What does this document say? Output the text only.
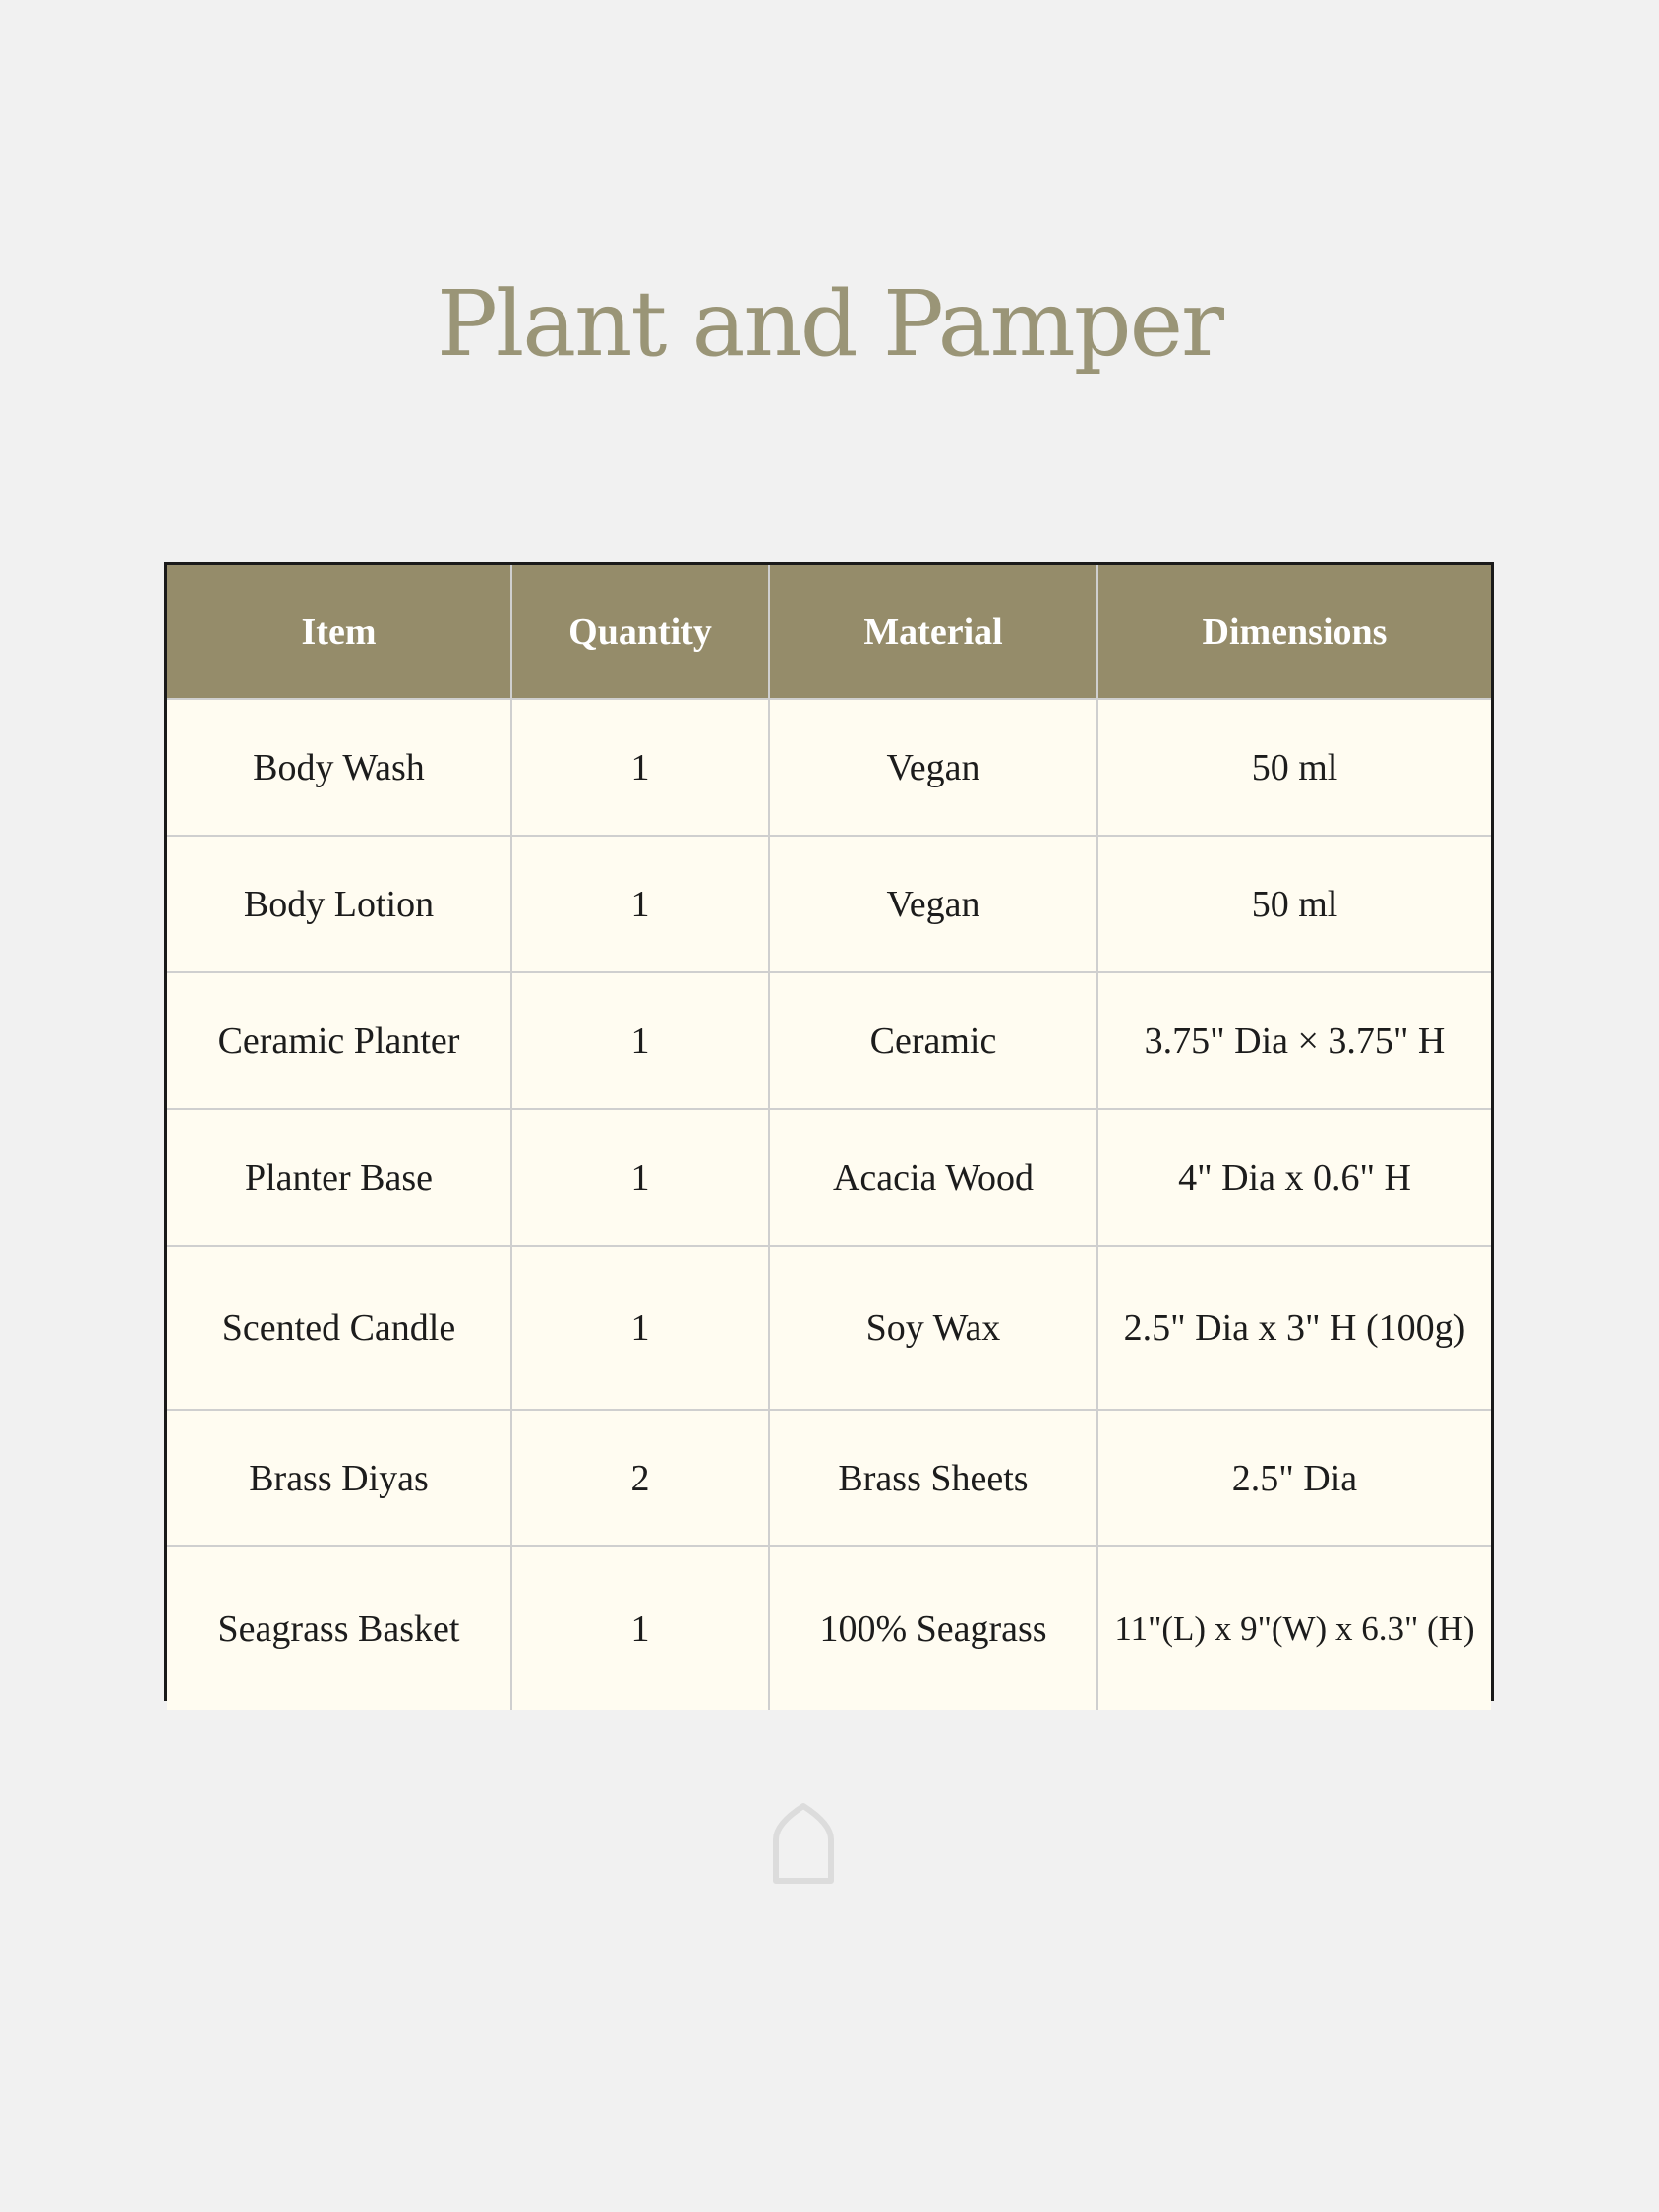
Plant and Pamper
Item	Quantity	Material	Dimensions
Body Wash	1	Vegan	50 ml
Body Lotion	1	Vegan	50 ml
Ceramic Planter	1	Ceramic	3.75" Dia × 3.75" H
Planter Base	1	Acacia Wood	4" Dia x 0.6" H
Scented Candle	1	Soy Wax	2.5" Dia x 3" H (100g)
Brass Diyas	2	Brass Sheets	2.5" Dia
Seagrass Basket	1	100% Seagrass	11"(L) x 9"(W) x 6.3" (H)
